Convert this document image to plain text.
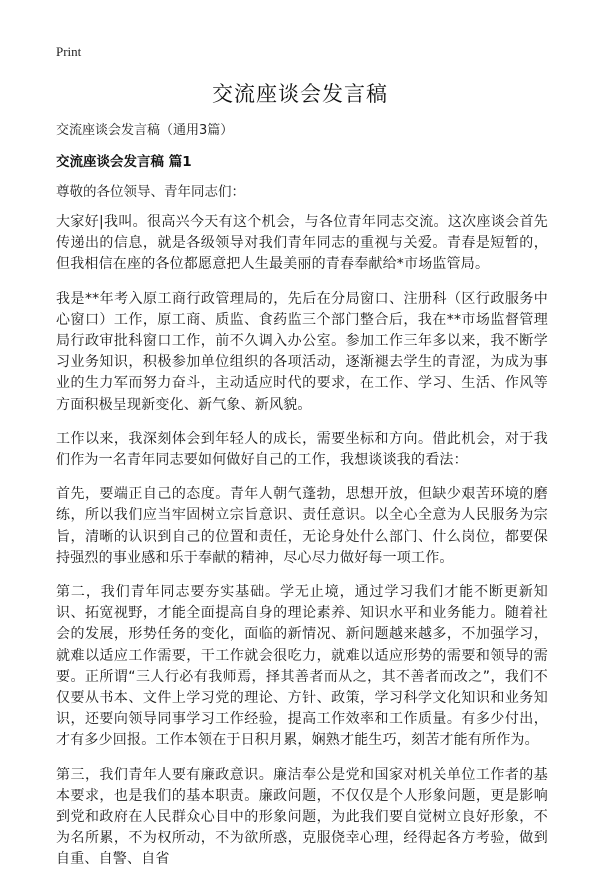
Print
交流座谈会发言稿
交流座谈会发言稿（通用3篇）
交流座谈会发言稿 篇1
尊敬的各位领导、青年同志们：

大家好|我叫。很高兴今天有这个机会，与各位青年同志交流。这次座谈会首先传递出的信息，就是各级领导对我们青年同志的重视与关爱。青春是短暂的，但我相信在座的各位都愿意把人生最美丽的青春奉献给*市场监管局。

我是**年考入原工商行政管理局的，先后在分局窗口、注册科（区行政服务中心窗口）工作，原工商、质监、食药监三个部门整合后，我在**市场监督管理局行政审批科窗口工作，前不久调入办公室。参加工作三年多以来，我不断学习业务知识，积极参加单位组织的各项活动，逐渐褪去学生的青涩，为成为事业的生力军而努力奋斗，主动适应时代的要求，在工作、学习、生活、作风等方面积极呈现新变化、新气象、新风貌。

工作以来，我深刻体会到年轻人的成长，需要坐标和方向。借此机会，对于我们作为一名青年同志要如何做好自己的工作，我想谈谈我的看法：

首先，要端正自己的态度。青年人朝气蓬勃，思想开放，但缺少艰苦环境的磨练，所以我们应当牢固树立宗旨意识、责任意识。以全心全意为人民服务为宗旨，清晰的认识到自己的位置和责任，无论身处什么部门、什么岗位，都要保持强烈的事业感和乐于奉献的精神，尽心尽力做好每一项工作。

第二，我们青年同志要夯实基础。学无止境，通过学习我们才能不断更新知识、拓宽视野，才能全面提高自身的理论素养、知识水平和业务能力。随着社会的发展，形势任务的变化，面临的新情况、新问题越来越多，不加强学习，就难以适应工作需要，干工作就会很吃力，就难以适应形势的需要和领导的需要。正所谓“三人行必有我师焉，择其善者而从之，其不善者而改之”，我们不仅要从书本、文件上学习党的理论、方针、政策，学习科学文化知识和业务知识，还要向领导同事学习工作经验，提高工作效率和工作质量。有多少付出，才有多少回报。工作本领在于日积月累，娴熟才能生巧，刻苦才能有所作为。

第三，我们青年人要有廉政意识。廉洁奉公是党和国家对机关单位工作者的基本要求，也是我们的基本职责。廉政问题，不仅仅是个人形象问题，更是影响到党和政府在人民群众心目中的形象问题，为此我们要自觉树立良好形象，不为名所累，不为权所动，不为欲所惑，克服侥幸心理，经得起各方考验，做到自重、自警、自省
